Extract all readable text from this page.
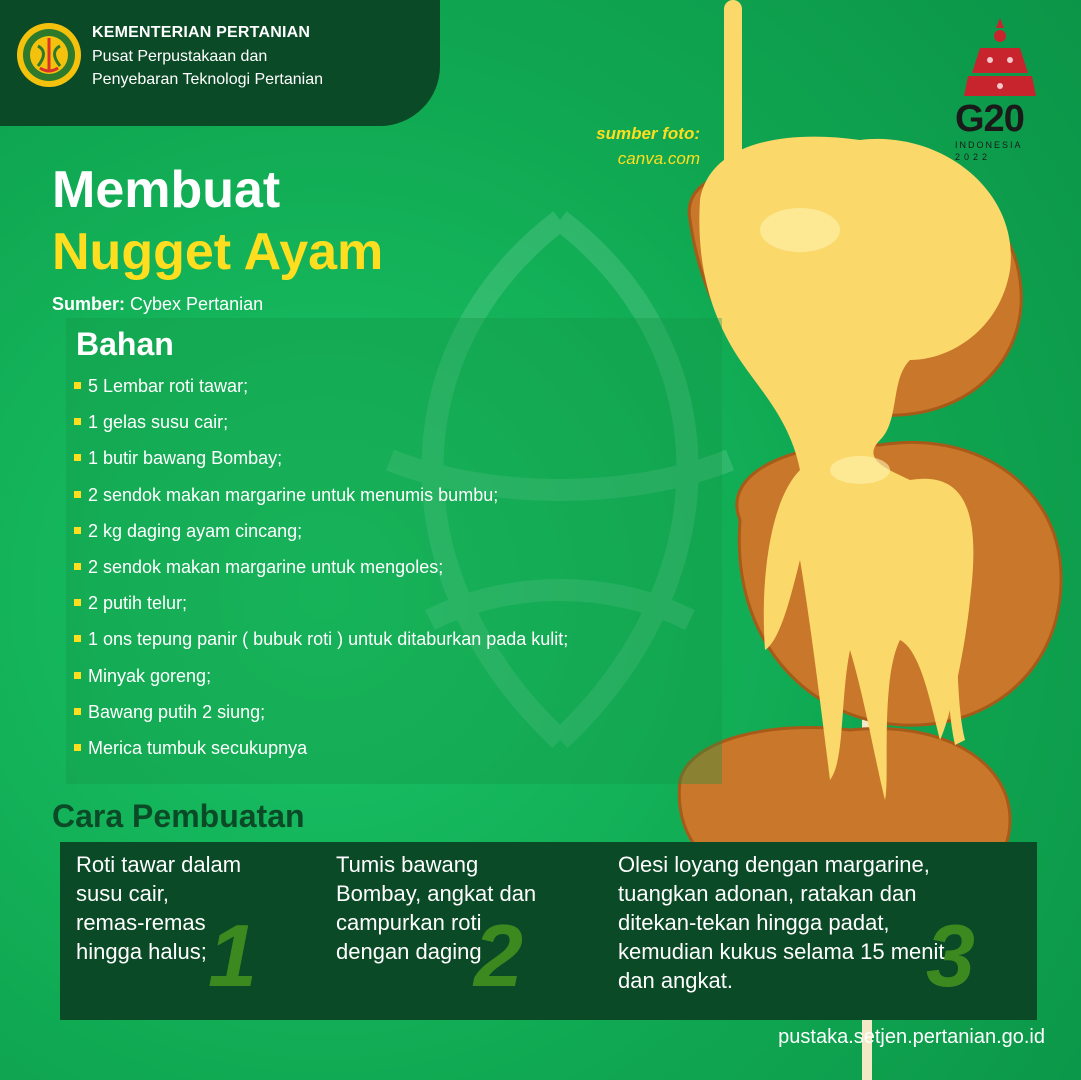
KEMENTERIAN PERTANIAN
Pusat Perpustakaan dan
Penyebaran Teknologi Pertanian
G20
INDONESIA
2022
sumber foto:
canva.com
Membuat
Nugget Ayam
Sumber: Cybex Pertanian
Bahan
5 Lembar roti tawar;
1 gelas susu cair;
1 butir bawang Bombay;
2 sendok makan margarine untuk menumis bumbu;
2 kg daging ayam cincang;
2 sendok makan margarine untuk mengoles;
2 putih telur;
1 ons tepung panir ( bubuk roti ) untuk ditaburkan pada kulit;
Minyak goreng;
Bawang putih 2 siung;
Merica tumbuk secukupnya
Cara Pembuatan
1
Roti tawar dalam
susu cair,
remas-remas
hingga halus;	2
Tumis bawang
Bombay, angkat dan
campurkan roti
dengan daging	3
Olesi loyang dengan margarine,
tuangkan adonan, ratakan dan
ditekan-tekan hingga padat,
kemudian kukus selama 15 menit
dan angkat.
pustaka.setjen.pertanian.go.id
